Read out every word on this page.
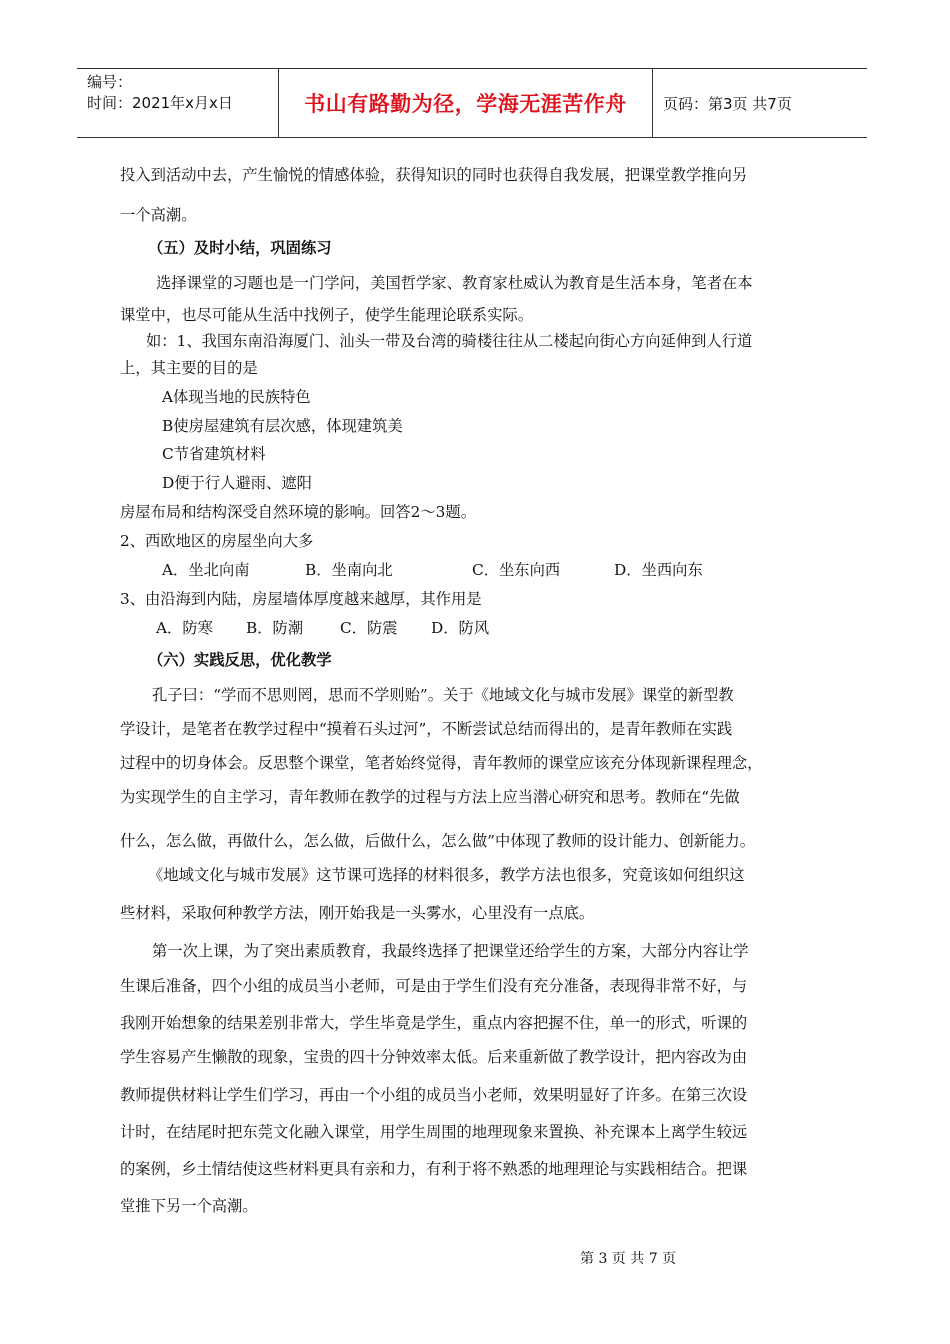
编号：
时间：2021年x月x日	书山有路勤为径，学海无涯苦作舟	页码：第3页 共7页
投入到活动中去，产生愉悦的情感体验，获得知识的同时也获得自我发展，把课堂教学推向另
一个高潮。
（五）及时小结，巩固练习
选择课堂的习题也是一门学问，美国哲学家、教育家杜威认为教育是生活本身，笔者在本
课堂中，也尽可能从生活中找例子，使学生能理论联系实际。
如：1、我国东南沿海厦门、汕头一带及台湾的骑楼往往从二楼起向街心方向延伸到人行道
上，其主要的目的是
A体现当地的民族特色
B使房屋建筑有层次感，体现建筑美
C节省建筑材料
D便于行人避雨、遮阳
房屋布局和结构深受自然环境的影响。回答2～3题。
2、西欧地区的房屋坐向大多
A．坐北向南	B．坐南向北	C．坐东向西	D．坐西向东
3、由沿海到内陆，房屋墙体厚度越来越厚，其作用是
A．防寒 B．防潮 C．防震 D．防风
（六）实践反思，优化教学
孔子曰：“学而不思则罔，思而不学则贻”。关于《地域文化与城市发展》课堂的新型教
学设计，是笔者在教学过程中“摸着石头过河”，不断尝试总结而得出的，是青年教师在实践
过程中的切身体会。反思整个课堂，笔者始终觉得，青年教师的课堂应该充分体现新课程理念，
为实现学生的自主学习，青年教师在教学的过程与方法上应当潜心研究和思考。教师在“先做
什么，怎么做，再做什么，怎么做，后做什么，怎么做”中体现了教师的设计能力、创新能力。
《地域文化与城市发展》这节课可选择的材料很多，教学方法也很多，究竟该如何组织这
些材料，采取何种教学方法，刚开始我是一头雾水，心里没有一点底。
第一次上课，为了突出素质教育，我最终选择了把课堂还给学生的方案，大部分内容让学
生课后准备，四个小组的成员当小老师，可是由于学生们没有充分准备，表现得非常不好，与
我刚开始想象的结果差别非常大，学生毕竟是学生，重点内容把握不住，单一的形式，听课的
学生容易产生懒散的现象，宝贵的四十分钟效率太低。后来重新做了教学设计，把内容改为由
教师提供材料让学生们学习，再由一个小组的成员当小老师，效果明显好了许多。在第三次设
计时，在结尾时把东莞文化融入课堂，用学生周围的地理现象来置换、补充课本上离学生较远
的案例，乡土情结使这些材料更具有亲和力，有利于将不熟悉的地理理论与实践相结合。把课
堂推下另一个高潮。
第 3 页 共 7 页
